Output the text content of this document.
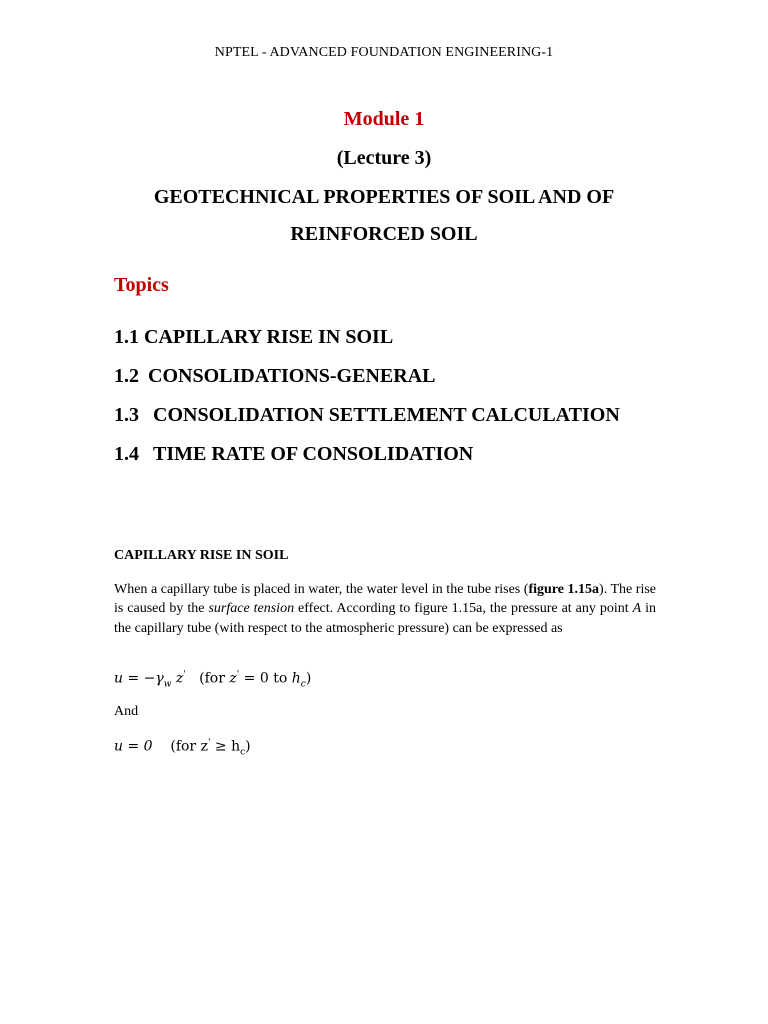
NPTEL - ADVANCED FOUNDATION ENGINEERING-1
Module 1
(Lecture 3)
GEOTECHNICAL PROPERTIES OF SOIL AND OF
REINFORCED SOIL
Topics
1.1 CAPILLARY RISE IN SOIL
1.2 CONSOLIDATIONS-GENERAL
1.3 CONSOLIDATION SETTLEMENT CALCULATION
1.4 TIME RATE OF CONSOLIDATION
CAPILLARY RISE IN SOIL

When a capillary tube is placed in water, the water level in the tube rises (figure 1.15a). The rise is caused by the surface tension effect. According to figure 1.15a, the pressure at any point A in the capillary tube (with respect to the atmospheric pressure) can be expressed as

$u = -\gamma_w$ z'   (for z' = 0 to $h_c$)
And
u = 0    (for $z' \ge h_c$)
